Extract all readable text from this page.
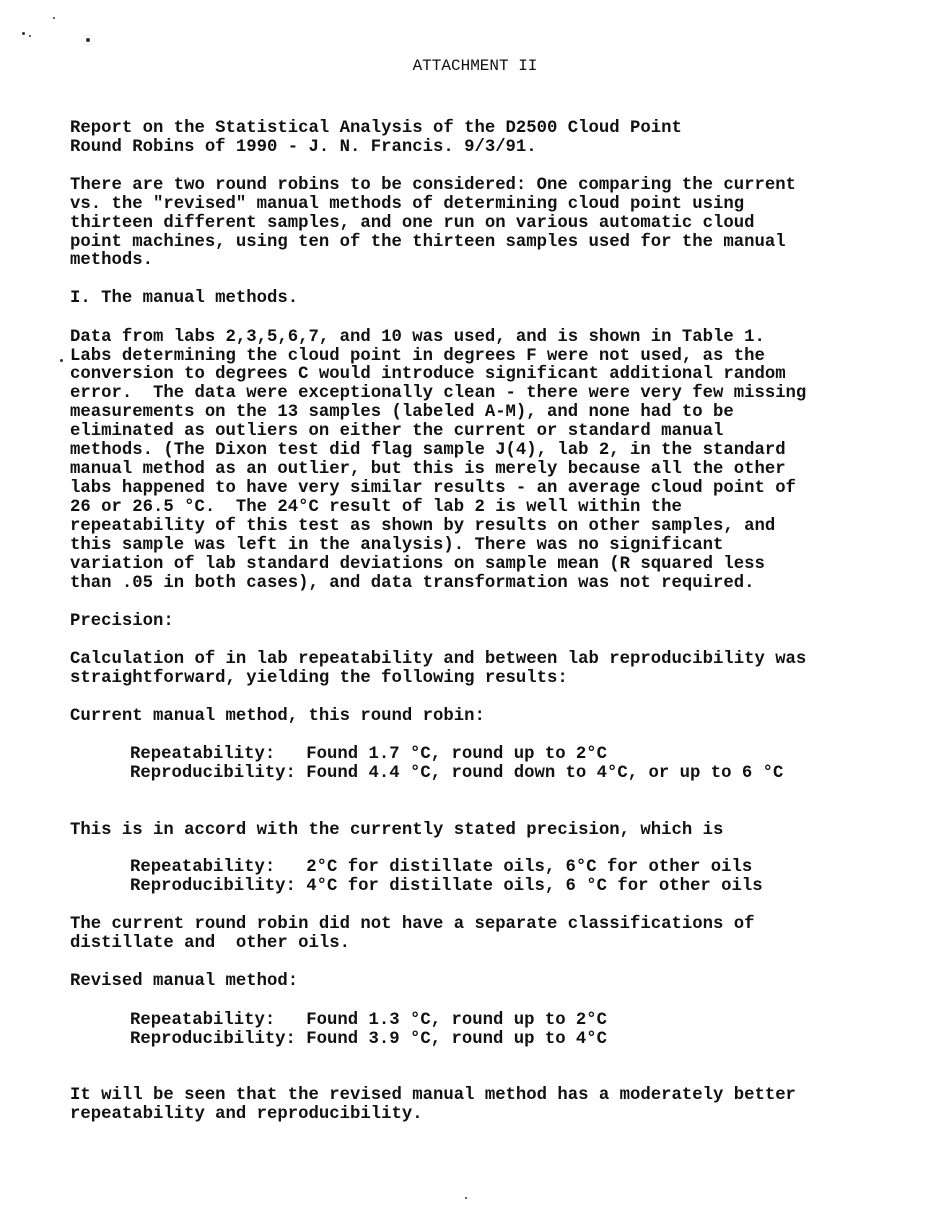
ATTACHMENT II
Report on the Statistical Analysis of the D2500 Cloud Point
Round Robins of 1990 - J. N. Francis. 9/3/91.
There are two round robins to be considered: One comparing the current
vs. the "revised" manual methods of determining cloud point using
thirteen different samples, and one run on various automatic cloud
point machines, using ten of the thirteen samples used for the manual
methods.
I. The manual methods.
Data from labs 2,3,5,6,7, and 10 was used, and is shown in Table 1.
Labs determining the cloud point in degrees F were not used, as the
conversion to degrees C would introduce significant additional random
error.  The data were exceptionally clean - there were very few missing
measurements on the 13 samples (labeled A-M), and none had to be
eliminated as outliers on either the current or standard manual
methods. (The Dixon test did flag sample J(4), lab 2, in the standard
manual method as an outlier, but this is merely because all the other
labs happened to have very similar results - an average cloud point of
26 or 26.5 °C.  The 24°C result of lab 2 is well within the
repeatability of this test as shown by results on other samples, and
this sample was left in the analysis). There was no significant
variation of lab standard deviations on sample mean (R squared less
than .05 in both cases), and data transformation was not required.
Precision:
Calculation of in lab repeatability and between lab reproducibility was
straightforward, yielding the following results:
Current manual method, this round robin:
Repeatability:   Found 1.7 °C, round up to 2°C
Reproducibility: Found 4.4 °C, round down to 4°C, or up to 6 °C
This is in accord with the currently stated precision, which is
Repeatability:   2°C for distillate oils, 6°C for other oils
Reproducibility: 4°C for distillate oils, 6 °C for other oils
The current round robin did not have a separate classifications of
distillate and  other oils.
Revised manual method:
Repeatability:   Found 1.3 °C, round up to 2°C
Reproducibility: Found 3.9 °C, round up to 4°C
It will be seen that the revised manual method has a moderately better
repeatability and reproducibility.
